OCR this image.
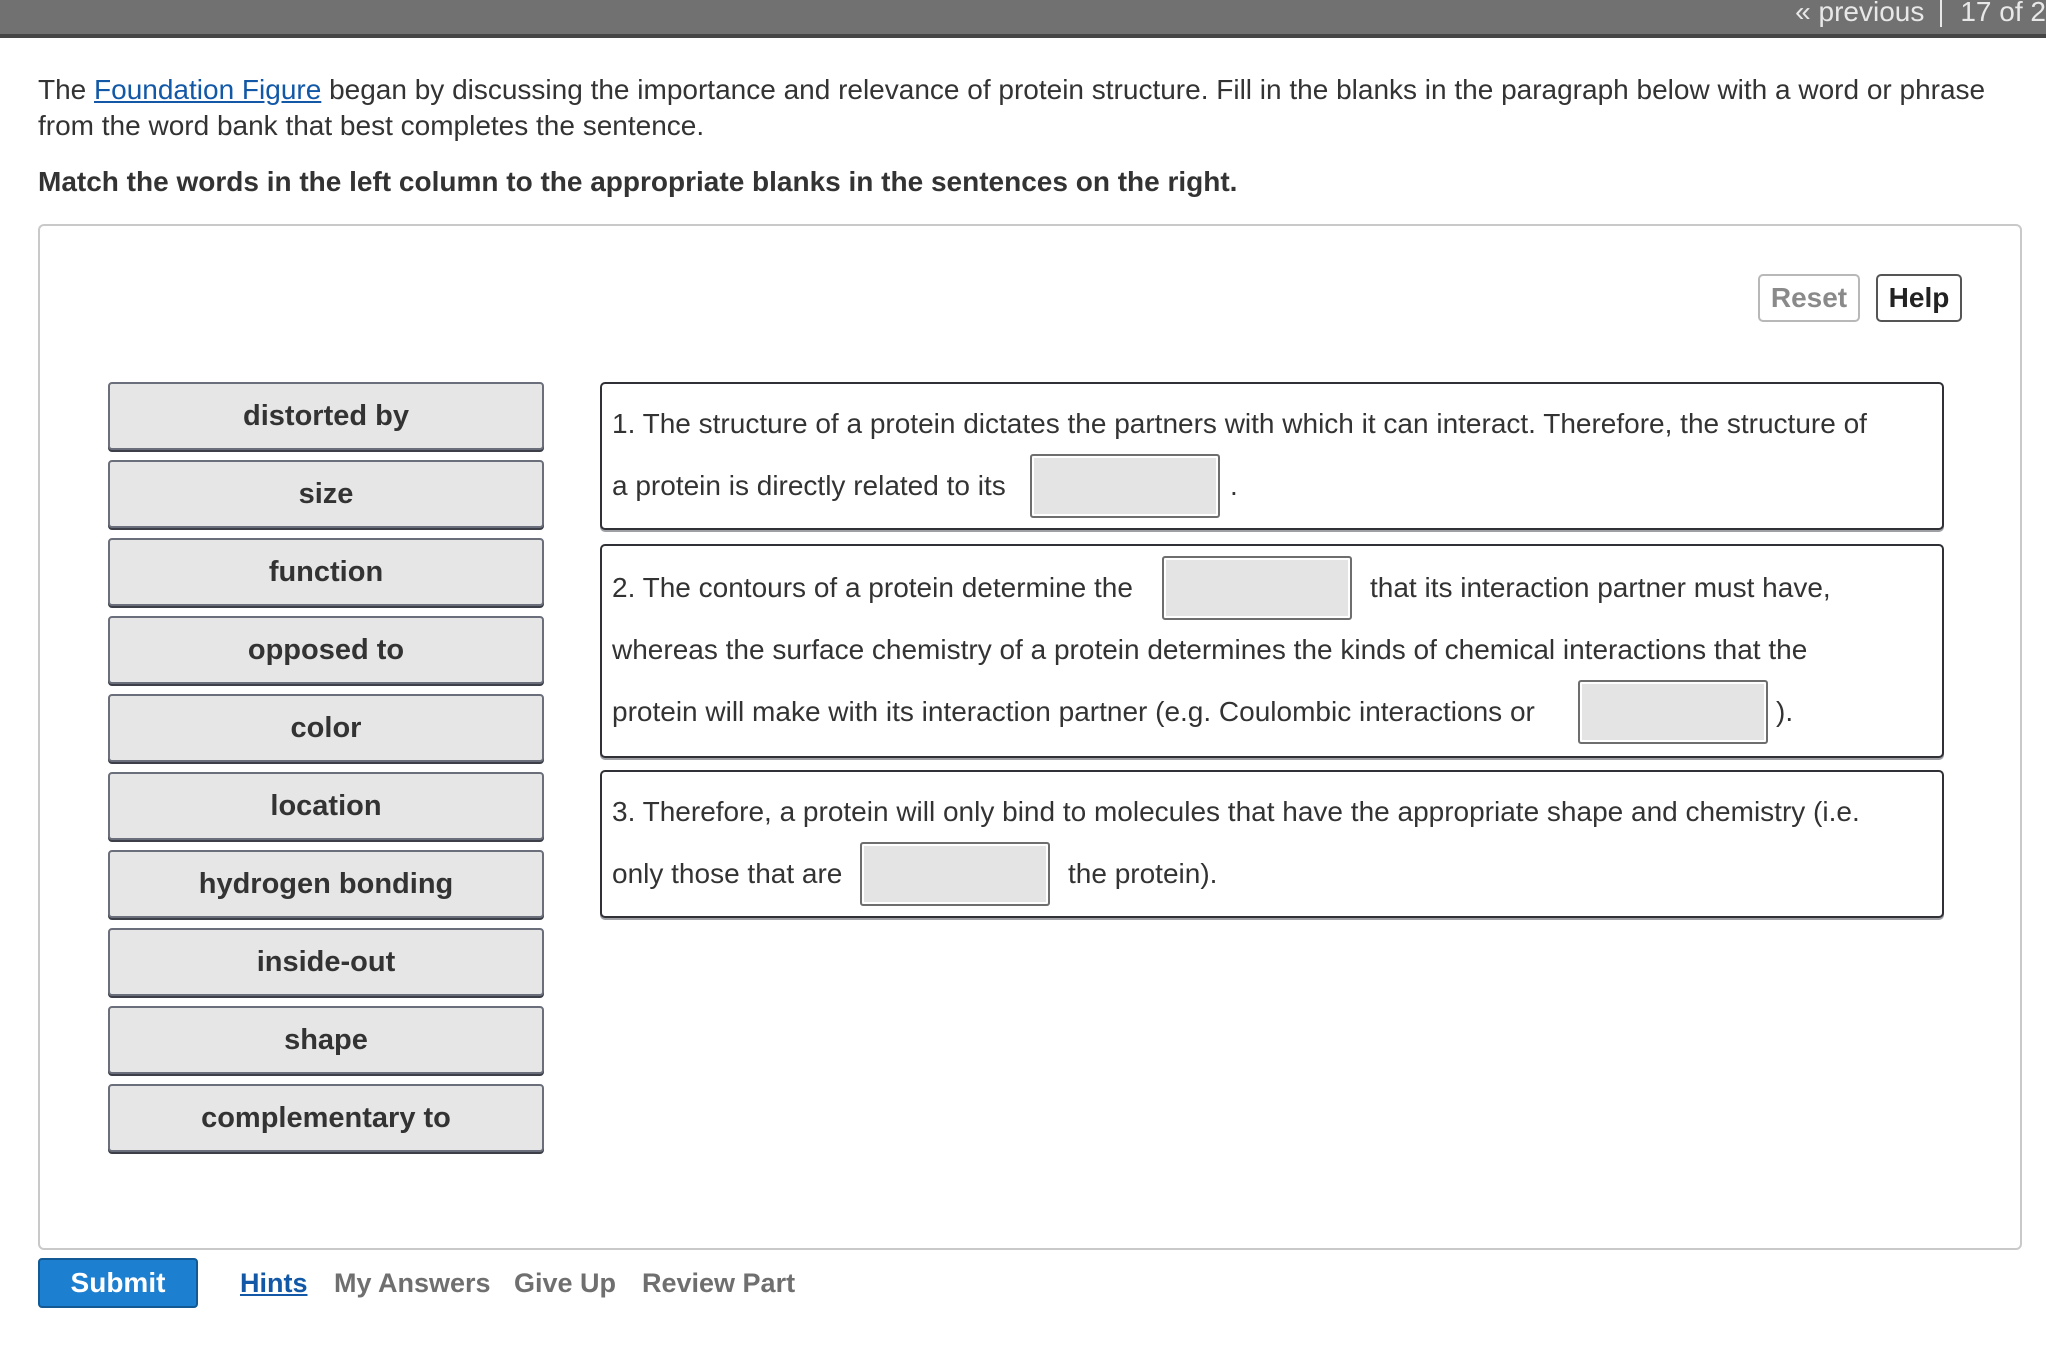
« previous 17 of 2
The Foundation Figure began by discussing the importance and relevance of protein structure. Fill in the blanks in the paragraph below with a word or phrase
from the word bank that best completes the sentence.
Match the words in the left column to the appropriate blanks in the sentences on the right.
Reset	Help
distorted by
size
function
opposed to
color
location
hydrogen bonding
inside-out
shape
complementary to
1. The structure of a protein dictates the partners with which it can interact. Therefore, the structure of
a protein is directly related to its	.
2. The contours of a protein determine the	that its interaction partner must have,
whereas the surface chemistry of a protein determines the kinds of chemical interactions that the
protein will make with its interaction partner (e.g. Coulombic interactions or	).
3. Therefore, a protein will only bind to molecules that have the appropriate shape and chemistry (i.e.
only those that are	the protein).
Submit	Hints My Answers Give Up Review Part
